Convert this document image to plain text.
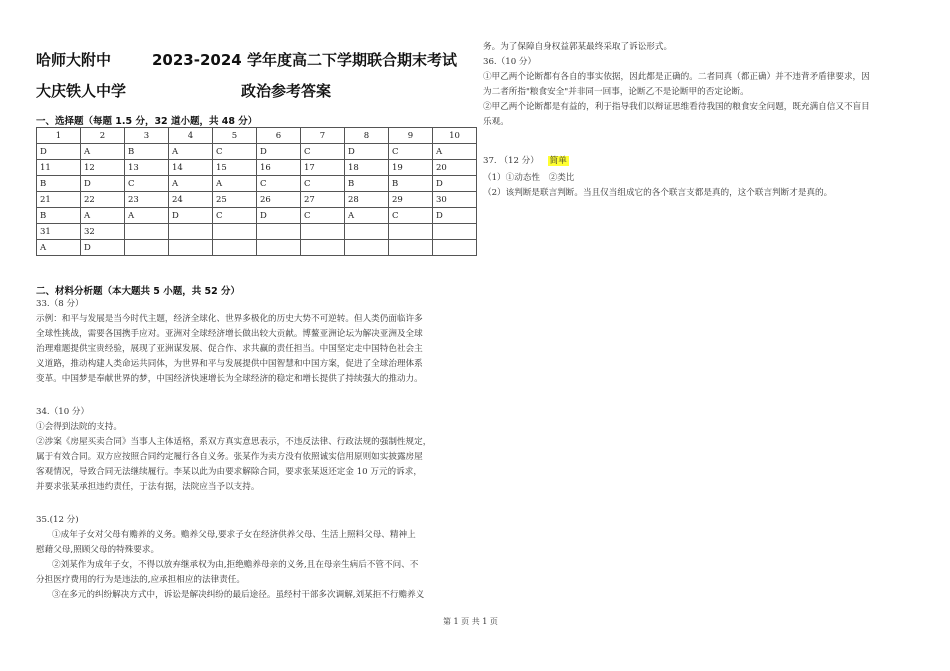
哈师大附中	2023-2024 学年度高二下学期联合期末考试
大庆铁人中学	政治参考答案
一、选择题（每题 1.5 分，32 道小题，共 48 分）
1	2	3	4	5	6	7	8	9	10
D	A	B	A	C	D	C	D	C	A
11	12	13	14	15	16	17	18	19	20
B	D	C	A	A	C	C	B	B	D
21	22	23	24	25	26	27	28	29	30
B	A	A	D	C	D	C	A	C	D
31	32								
A	D								
二、材料分析题（本大题共 5 小题，共 52 分）
33.（8 分）
示例：和平与发展是当今时代主题，经济全球化、世界多极化的历史大势不可逆转。但人类仍面临许多
全球性挑战，需要各国携手应对。亚洲对全球经济增长做出较大贡献。博鳌亚洲论坛为解决亚洲及全球
治理难题提供宝贵经验，展现了亚洲谋发展、促合作、求共赢的责任担当。中国坚定走中国特色社会主
义道路，推动构建人类命运共同体，为世界和平与发展提供中国智慧和中国方案，促进了全球治理体系
变革。中国梦是奉献世界的梦，中国经济快速增长为全球经济的稳定和增长提供了持续强大的推动力。
34.（10 分）
①会得到法院的支持。
②涉案《房屋买卖合同》当事人主体适格，系双方真实意思表示，不违反法律、行政法规的强制性规定，
属于有效合同。双方应按照合同约定履行各自义务。张某作为卖方没有依照诚实信用原则如实披露房屋
客观情况，导致合同无法继续履行。李某以此为由要求解除合同，要求张某返还定金 10 万元的诉求，
并要求张某承担违约责任，于法有据，法院应当予以支持。
35.(12 分)
①成年子女对父母有赡养的义务。赡养父母,要求子女在经济供养父母、生活上照料父母、精神上
慰藉父母,照顾父母的特殊要求。
②刘某作为成年子女，不得以放弃继承权为由,拒绝赡养母亲的义务,且在母亲生病后不管不问、不
分担医疗费用的行为是违法的,应承担相应的法律责任。
③在多元的纠纷解决方式中，诉讼是解决纠纷的最后途径。虽经村干部多次调解,刘某拒不行赡养义
务。为了保障自身权益郭某最终采取了诉讼形式。
36.（10 分）
①甲乙两个论断都有各自的事实依据，因此都是正确的。二者同真（都正确）并不违背矛盾律要求，因
为二者所指"粮食安全"并非同一回事，论断乙不是论断甲的否定论断。
②甲乙两个论断都是有益的，利于指导我们以辩证思维看待我国的粮食安全问题，既充满自信又不盲目
乐观。
37. （12 分） 简单
（1）①动态性　②类比
（2）该判断是联言判断。当且仅当组成它的各个联言支都是真的，这个联言判断才是真的。
第 1 页 共 1 页
